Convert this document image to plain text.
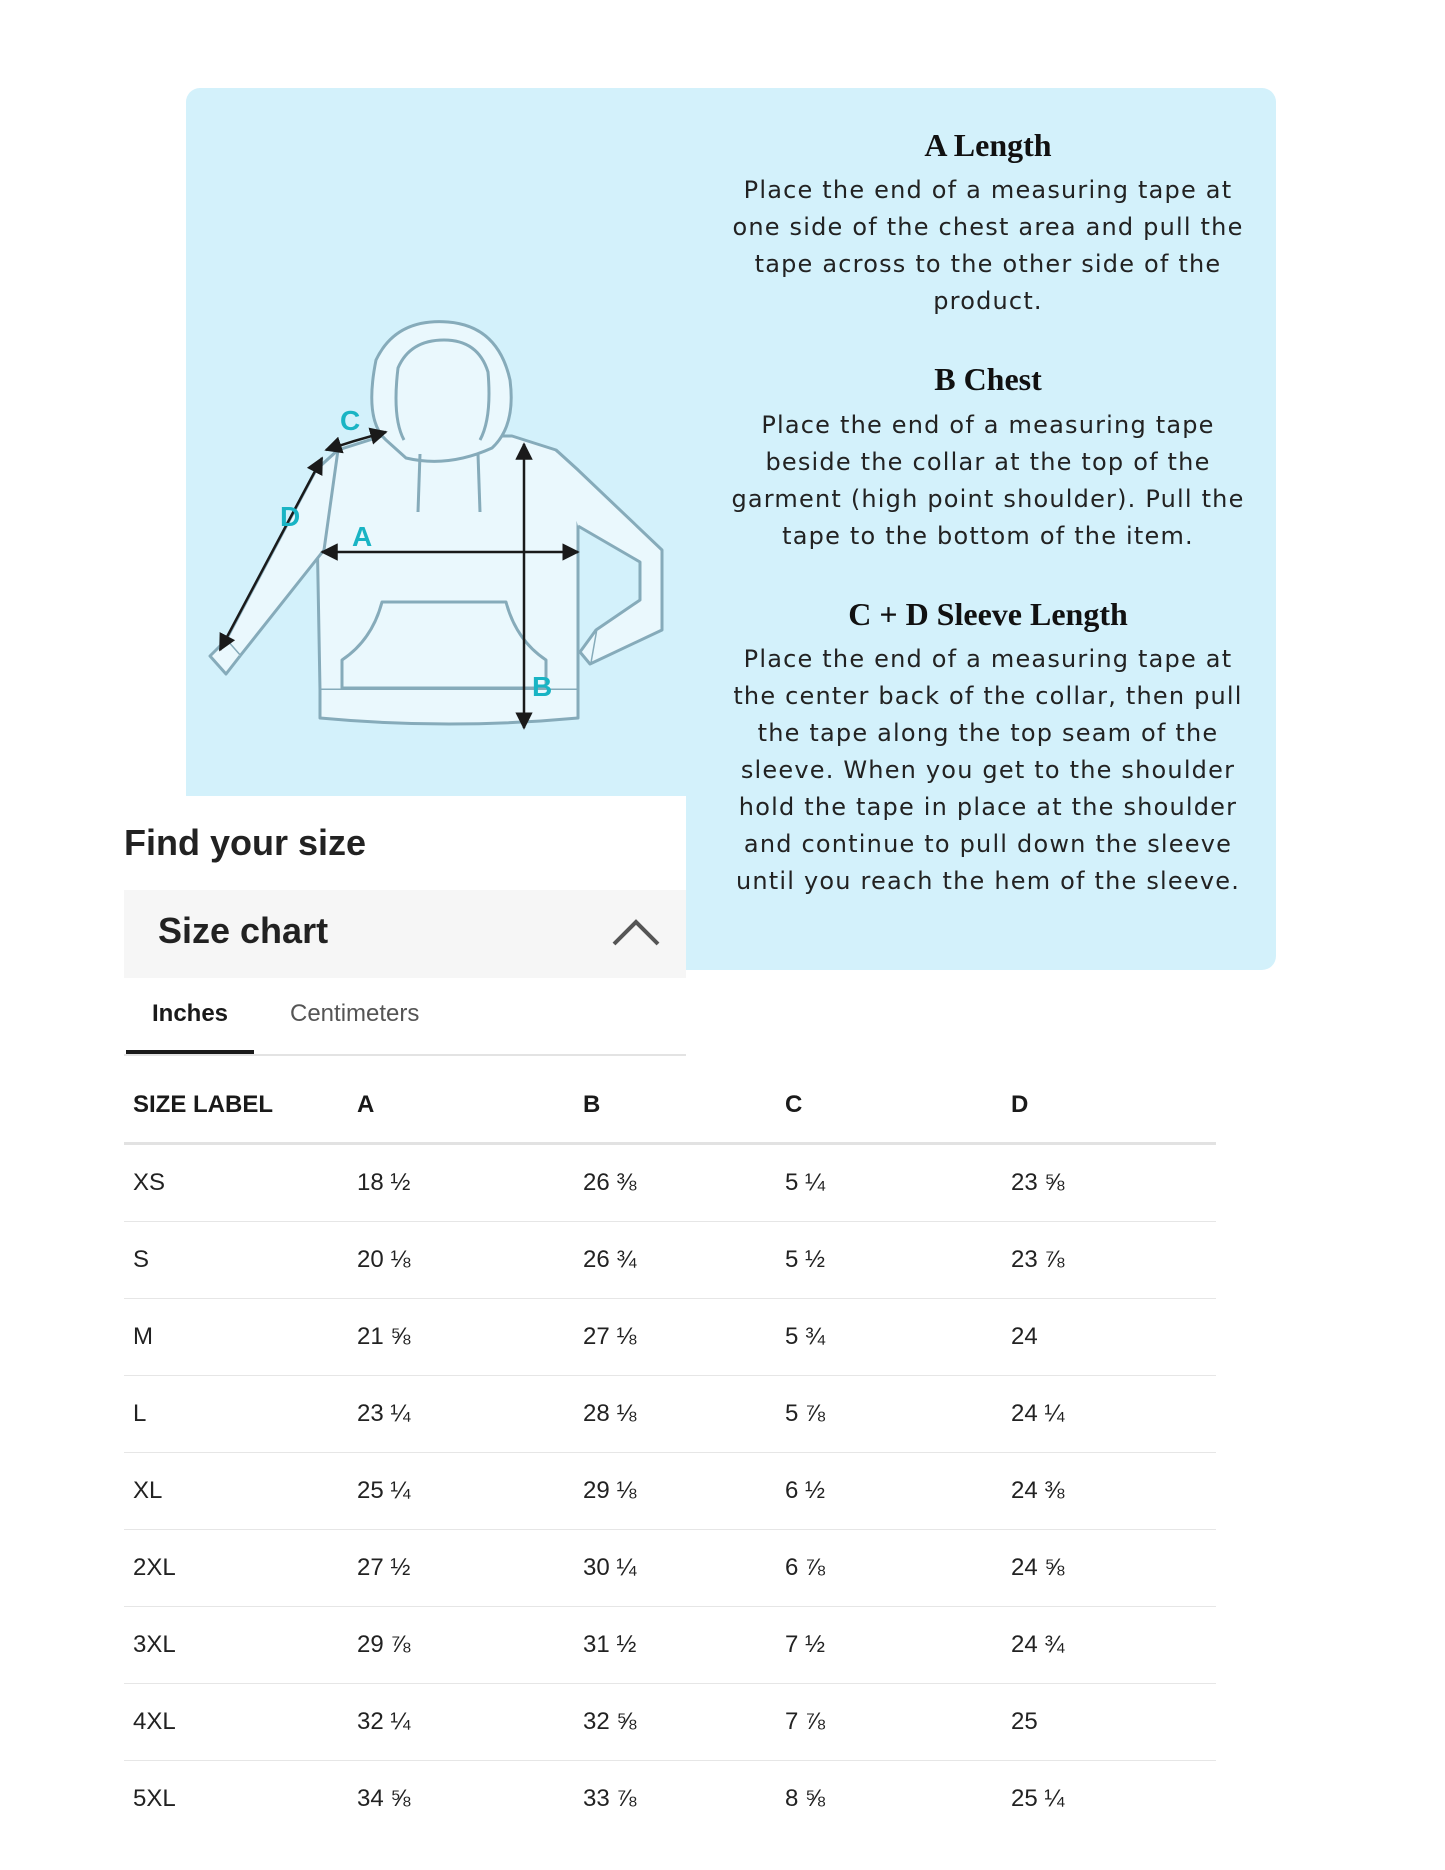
A
B
C
D
A Length

Place the end of a measuring tape at one side of the chest area and pull the tape across to the other side of the product.

B Chest

Place the end of a measuring tape beside the collar at the top of the garment (high point shoulder). Pull the tape to the bottom of the item.

C + D Sleeve Length

Place the end of a measuring tape at the center back of the collar, then pull the tape along the top seam of the sleeve. When you get to the shoulder hold the tape in place at the shoulder and continue to pull down the sleeve until you reach the hem of the sleeve.

Find your size
Size chart
Inches	Centimeters
SIZE LABEL	A	B	C	D
XS	18 ½	26 ⅜	5 ¼	23 ⅝
S	20 ⅛	26 ¾	5 ½	23 ⅞
M	21 ⅝	27 ⅛	5 ¾	24
L	23 ¼	28 ⅛	5 ⅞	24 ¼
XL	25 ¼	29 ⅛	6 ½	24 ⅜
2XL	27 ½	30 ¼	6 ⅞	24 ⅝
3XL	29 ⅞	31 ½	7 ½	24 ¾
4XL	32 ¼	32 ⅝	7 ⅞	25
5XL	34 ⅝	33 ⅞	8 ⅝	25 ¼
